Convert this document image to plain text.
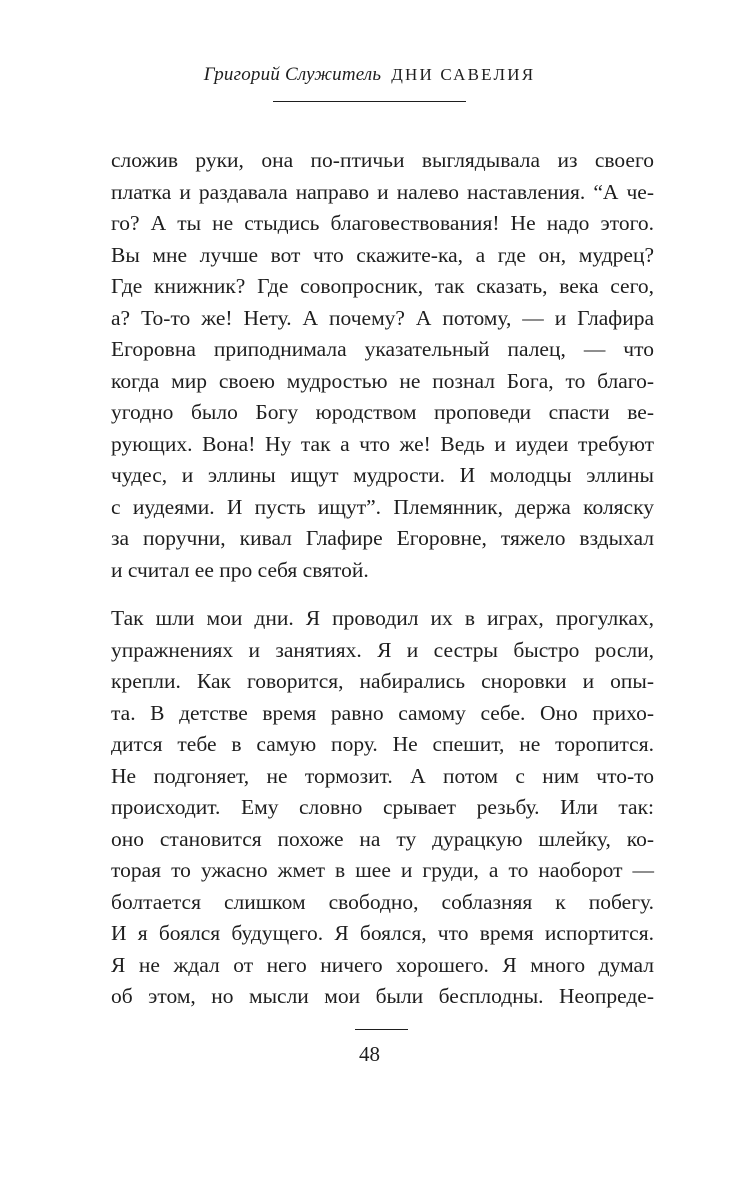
Григорий Служитель ДНИ САВЕЛИЯ
сложив руки, она по-птичьи выглядывала из своего
платка и раздавала направо и налево наставления. “А че-
го? А ты не стыдись благовествования! Не надо этого.
Вы мне лучше вот что скажите-ка, а где он, мудрец?
Где книжник? Где совопросник, так сказать, века сего,
а? То-то же! Нету. А почему? А потому, — и Глафира
Егоровна приподнимала указательный палец, — что
когда мир своею мудростью не познал Бога, то благо-
угодно было Богу юродством проповеди спасти ве-
рующих. Вона! Ну так а что же! Ведь и иудеи требуют
чудес, и эллины ищут мудрости. И молодцы эллины
с иудеями. И пусть ищут”. Племянник, держа коляску
за поручни, кивал Глафире Егоровне, тяжело вздыхал
и считал ее про себя святой.
Так шли мои дни. Я проводил их в играх, прогулках,
упражнениях и занятиях. Я и сестры быстро росли,
крепли. Как говорится, набирались сноровки и опы-
та. В детстве время равно самому себе. Оно прихо-
дится тебе в самую пору. Не спешит, не торопится.
Не подгоняет, не тормозит. А потом с ним что-то
происходит. Ему словно срывает резьбу. Или так:
оно становится похоже на ту дурацкую шлейку, ко-
торая то ужасно жмет в шее и груди, а то наоборот —
болтается слишком свободно, соблазняя к побегу.
И я боялся будущего. Я боялся, что время испортится.
Я не ждал от него ничего хорошего. Я много думал
об этом, но мысли мои были бесплодны. Неопреде-
48
